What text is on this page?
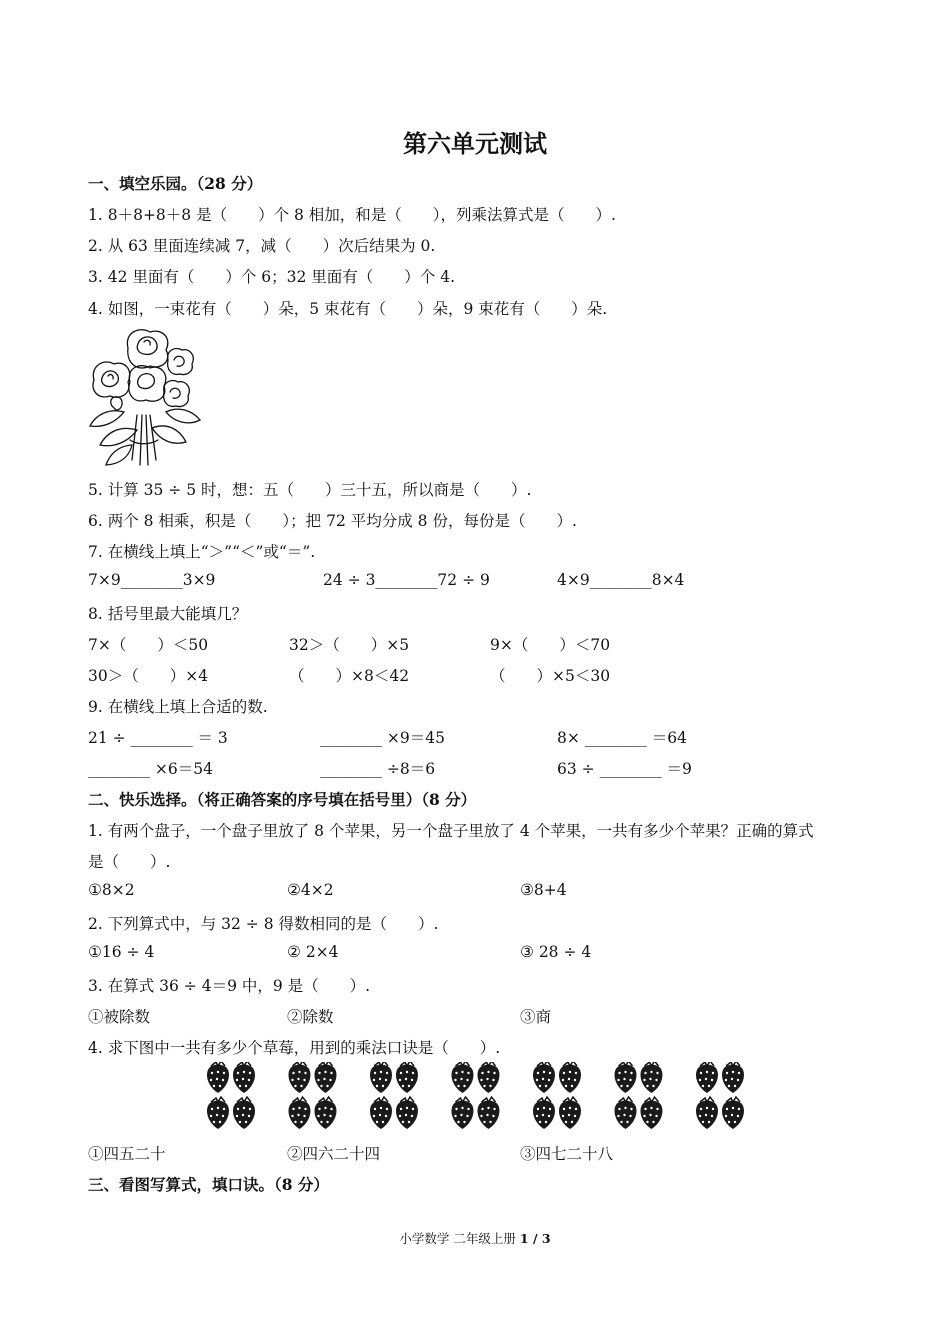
第六单元测试
一、填空乐园。（28 分）
1. 8＋8+8＋8 是（　　）个 8 相加，和是（　　），列乘法算式是（　　）.
2. 从 63 里面连续减 7，减（　　）次后结果为 0.
3. 42 里面有（　　）个 6；32 里面有（　　）个 4.
4. 如图，一束花有（　　）朵，5 束花有（　　）朵，9 束花有（　　）朵.
5. 计算 35 ÷ 5 时，想：五（　　）三十五，所以商是（　　）.
6. 两个 8 相乘，积是（　　）；把 72 平均分成 8 份，每份是（　　）.
7. 在横线上填上“＞”“＜”或“＝”.
7×9________3×9	24 ÷ 3________72 ÷ 9	4×9________8×4
8. 括号里最大能填几？
7×（　　）＜50	32＞（　　）×5	9×（　　）＜70
30＞（　　）×4	（　　）×8＜42	（　　）×5＜30
9. 在横线上填上合适的数.
21 ÷ ________ ＝ 3	________ ×9＝45	8× ________ ＝64
________ ×6＝54	________ ÷8＝6	63 ÷ ________ ＝9
二、快乐选择。（将正确答案的序号填在括号里）（8 分）
1. 有两个盘子，一个盘子里放了 8 个苹果，另一个盘子里放了 4 个苹果，一共有多少个苹果？正确的算式
是（　　）.
①8×2	②4×2	③8+4
2. 下列算式中，与 32 ÷ 8 得数相同的是（　　）.
①16 ÷ 4	② 2×4	③ 28 ÷ 4
3. 在算式 36 ÷ 4＝9 中，9 是（　　）.
①被除数	②除数	③商
4. 求下图中一共有多少个草莓，用到的乘法口诀是（　　）.
①四五二十	②四六二十四	③四七二十八
三、看图写算式，填口诀。（8 分）
小学数学 二年级上册 1 / 3
